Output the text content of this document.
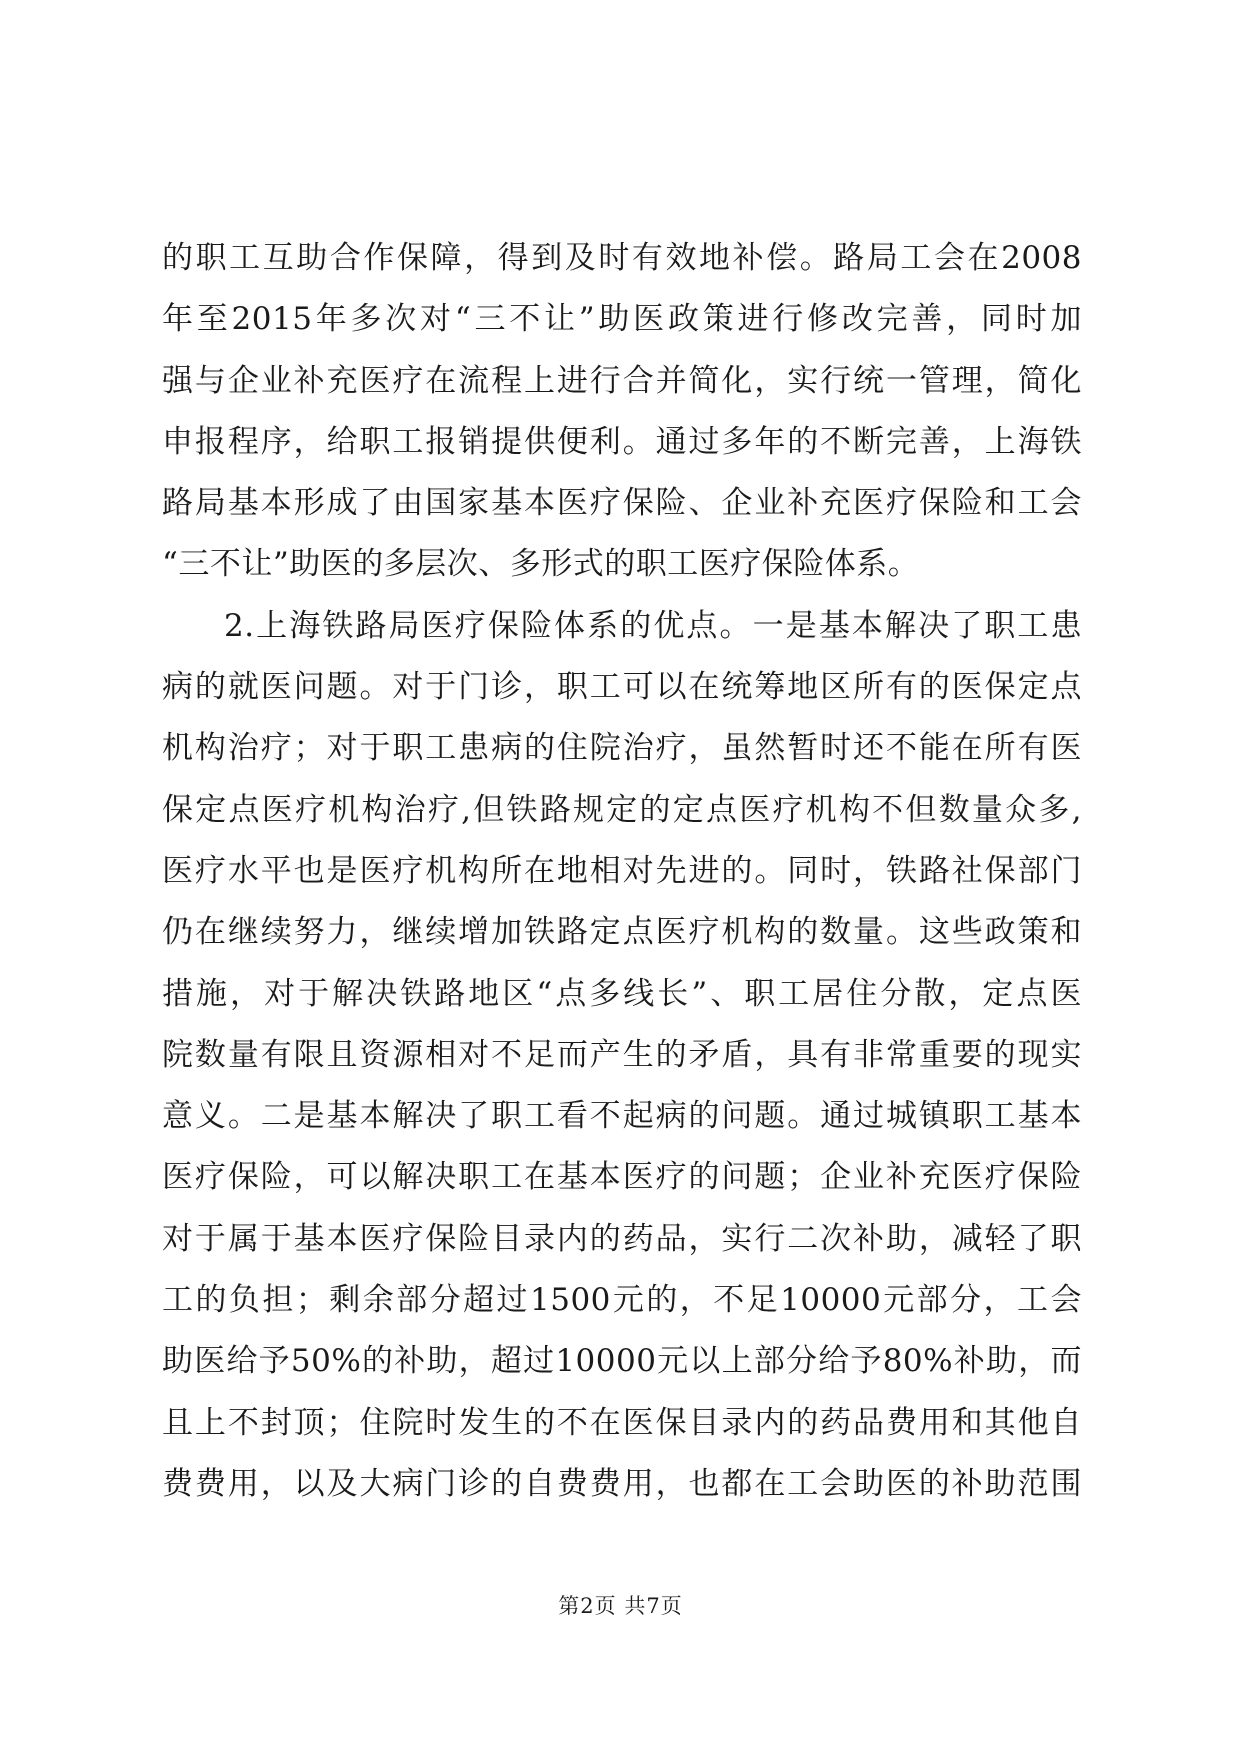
的职工互助合作保障，得到及时有效地补偿。路局工会在2008
年至2015年多次对“三不让”助医政策进行修改完善，同时加
强与企业补充医疗在流程上进行合并简化，实行统一管理，简化
申报程序，给职工报销提供便利。通过多年的不断完善，上海铁
路局基本形成了由国家基本医疗保险、企业补充医疗保险和工会
“三不让”助医的多层次、多形式的职工医疗保险体系。
2.上海铁路局医疗保险体系的优点。一是基本解决了职工患
病的就医问题。对于门诊，职工可以在统筹地区所有的医保定点
机构治疗；对于职工患病的住院治疗，虽然暂时还不能在所有医
保定点医疗机构治疗,但铁路规定的定点医疗机构不但数量众多,
医疗水平也是医疗机构所在地相对先进的。同时，铁路社保部门
仍在继续努力，继续增加铁路定点医疗机构的数量。这些政策和
措施，对于解决铁路地区“点多线长”、职工居住分散，定点医
院数量有限且资源相对不足而产生的矛盾，具有非常重要的现实
意义。二是基本解决了职工看不起病的问题。通过城镇职工基本
医疗保险，可以解决职工在基本医疗的问题；企业补充医疗保险
对于属于基本医疗保险目录内的药品，实行二次补助，减轻了职
工的负担；剩余部分超过1500元的，不足10000元部分，工会
助医给予50%的补助，超过10000元以上部分给予80%补助，而
且上不封顶；住院时发生的不在医保目录内的药品费用和其他自
费费用，以及大病门诊的自费费用，也都在工会助医的补助范围
第2页 共7页
